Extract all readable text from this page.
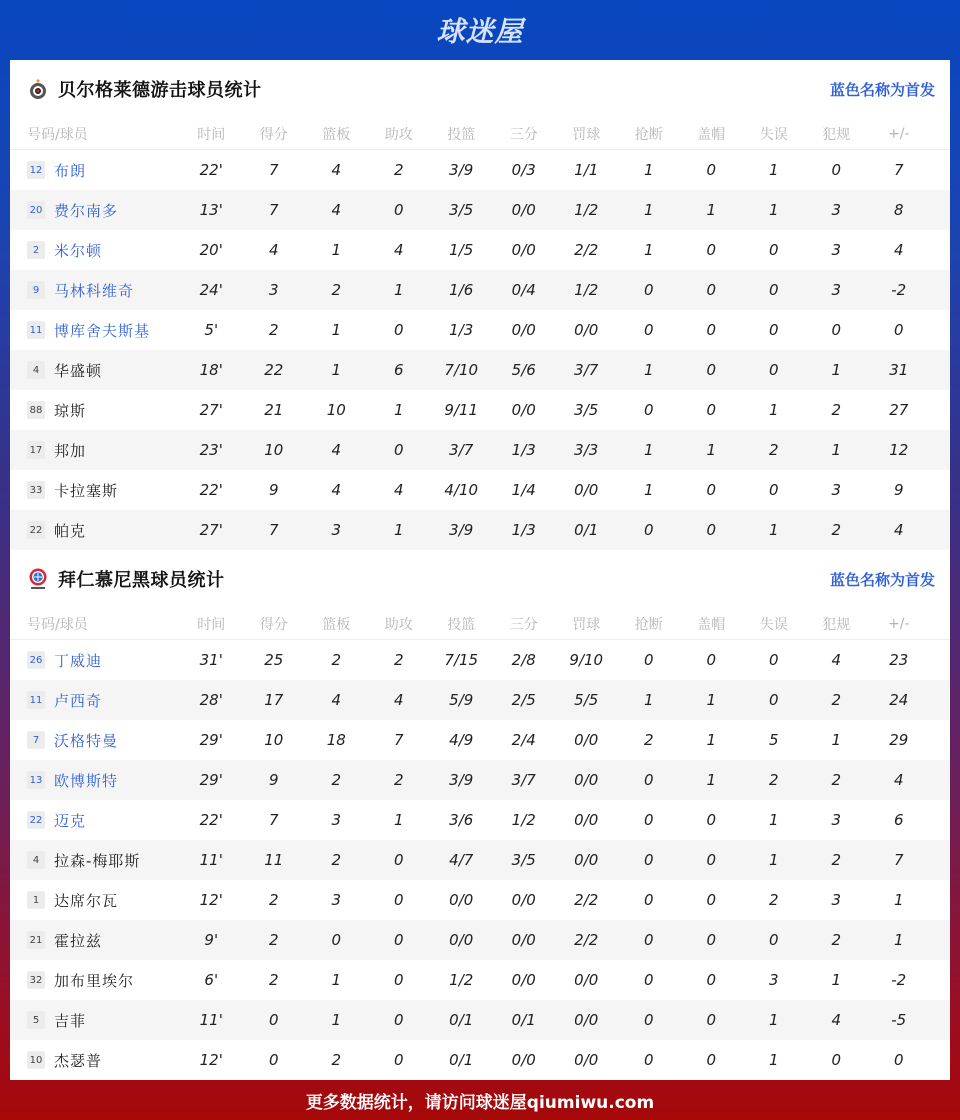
球迷屋
贝尔格莱德游击球员统计	蓝色名称为首发
号码/球员	时间	得分	篮板	助攻	投篮	三分	罚球	抢断	盖帽	失误	犯规	+/-
12 布朗	22'	7	4	2	3/9	0/3	1/1	1	0	1	0	7
20 费尔南多	13'	7	4	0	3/5	0/0	1/2	1	1	1	3	8
2 米尔顿	20'	4	1	4	1/5	0/0	2/2	1	0	0	3	4
9 马林科维奇	24'	3	2	1	1/6	0/4	1/2	0	0	0	3	-2
11 博库舍夫斯基	5'	2	1	0	1/3	0/0	0/0	0	0	0	0	0
4 华盛顿	18'	22	1	6	7/10	5/6	3/7	1	0	0	1	31
88 琼斯	27'	21	10	1	9/11	0/0	3/5	0	0	1	2	27
17 邦加	23'	10	4	0	3/7	1/3	3/3	1	1	2	1	12
33 卡拉塞斯	22'	9	4	4	4/10	1/4	0/0	1	0	0	3	9
22 帕克	27'	7	3	1	3/9	1/3	0/1	0	0	1	2	4
拜仁慕尼黑球员统计	蓝色名称为首发
号码/球员	时间	得分	篮板	助攻	投篮	三分	罚球	抢断	盖帽	失误	犯规	+/-
26 丁威迪	31'	25	2	2	7/15	2/8	9/10	0	0	0	4	23
11 卢西奇	28'	17	4	4	5/9	2/5	5/5	1	1	0	2	24
7 沃格特曼	29'	10	18	7	4/9	2/4	0/0	2	1	5	1	29
13 欧博斯特	29'	9	2	2	3/9	3/7	0/0	0	1	2	2	4
22 迈克	22'	7	3	1	3/6	1/2	0/0	0	0	1	3	6
4 拉森-梅耶斯	11'	11	2	0	4/7	3/5	0/0	0	0	1	2	7
1 达席尔瓦	12'	2	3	0	0/0	0/0	2/2	0	0	2	3	1
21 霍拉兹	9'	2	0	0	0/0	0/0	2/2	0	0	0	2	1
32 加布里埃尔	6'	2	1	0	1/2	0/0	0/0	0	0	3	1	-2
5 吉菲	11'	0	1	0	0/1	0/1	0/0	0	0	1	4	-5
10 杰瑟普	12'	0	2	0	0/1	0/0	0/0	0	0	1	0	0
更多数据统计，请访问球迷屋qiumiwu.com
